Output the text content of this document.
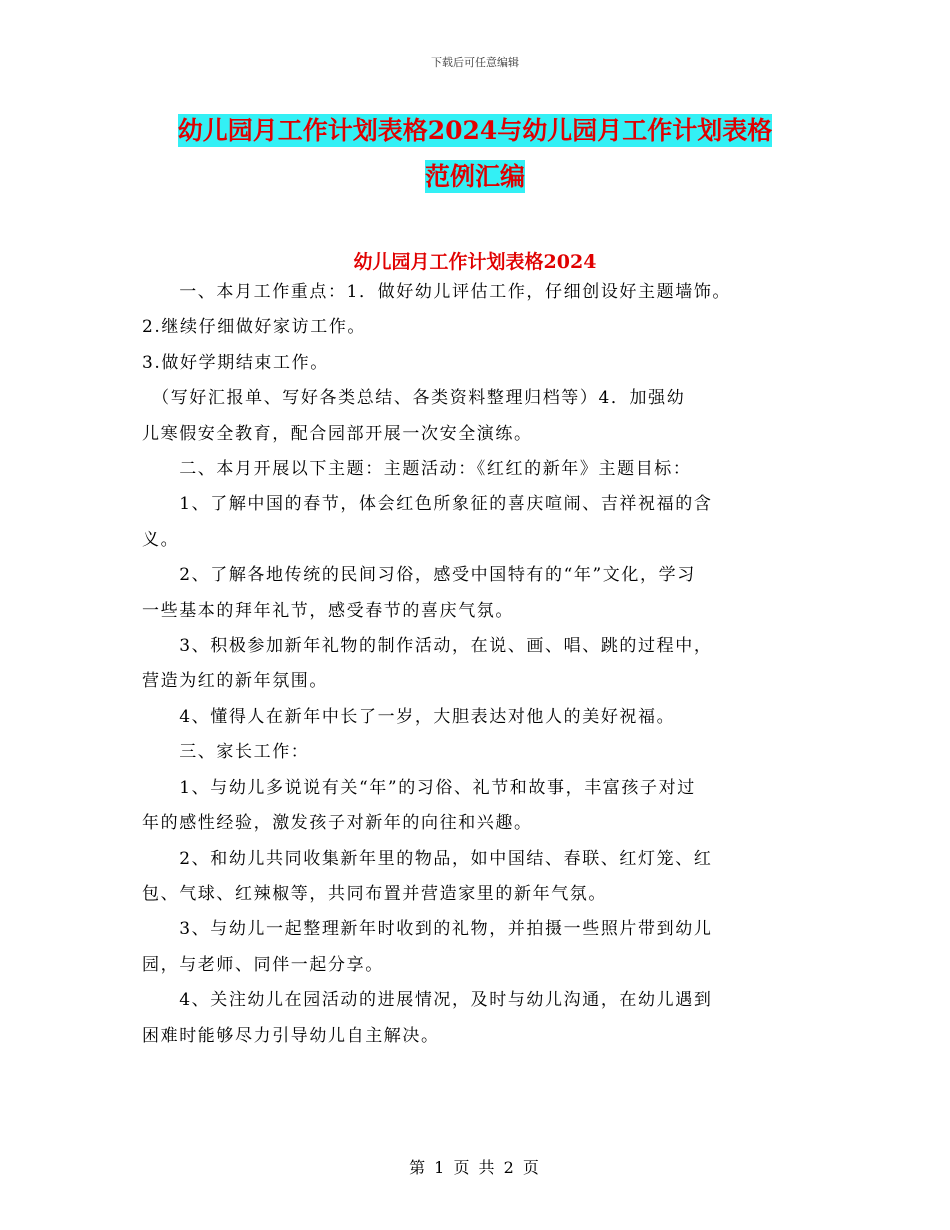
下载后可任意编辑
幼儿园月工作计划表格2024与幼儿园月工作计划表格
范例汇编
幼儿园月工作计划表格2024

　　一、本月工作重点：1．做好幼儿评估工作，仔细创设好主题墙饰。

2.继续仔细做好家访工作。

3.做好学期结束工作。

　（写好汇报单、写好各类总结、各类资料整理归档等）4．加强幼

儿寒假安全教育，配合园部开展一次安全演练。

　　二、本月开展以下主题：主题活动：《红红的新年》主题目标：

　　1、了解中国的春节，体会红色所象征的喜庆喧闹、吉祥祝福的含

义。

　　2、了解各地传统的民间习俗，感受中国特有的“年”文化，学习

一些基本的拜年礼节，感受春节的喜庆气氛。

　　3、积极参加新年礼物的制作活动，在说、画、唱、跳的过程中，

营造为红的新年氛围。

　　4、懂得人在新年中长了一岁，大胆表达对他人的美好祝福。

　　三、家长工作：

　　1、与幼儿多说说有关“年”的习俗、礼节和故事，丰富孩子对过

年的感性经验，激发孩子对新年的向往和兴趣。

　　2、和幼儿共同收集新年里的物品，如中国结、春联、红灯笼、红

包、气球、红辣椒等，共同布置并营造家里的新年气氛。

　　3、与幼儿一起整理新年时收到的礼物，并拍摄一些照片带到幼儿

园，与老师、同伴一起分享。

　　4、关注幼儿在园活动的进展情况，及时与幼儿沟通，在幼儿遇到

困难时能够尽力引导幼儿自主解决。

第 1 页 共 2 页
